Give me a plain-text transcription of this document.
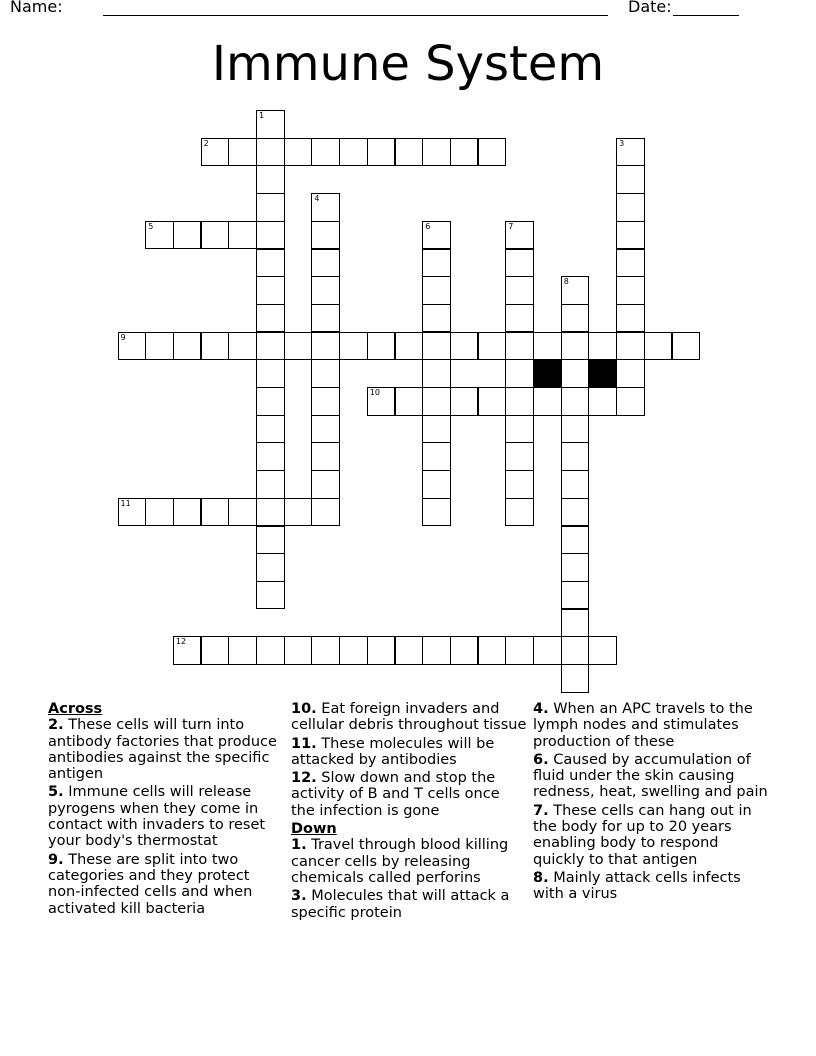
Name:	Date:
Immune System
2
5
9
10
11
12
1
3
4
6	7
8

Across

2. These cells will turn into antibody factories that produce antibodies against the specific antigen

5. Immune cells will release pyrogens when they come in contact with invaders to reset your body's thermostat

9. These are split into two categories and they protect non-infected cells and when activated kill bacteria

10. Eat foreign invaders and cellular debris throughout tissue

11. These molecules will be attacked by antibodies

12. Slow down and stop the activity of B and T cells once the infection is gone

Down

1. Travel through blood killing cancer cells by releasing chemicals called perforins

3. Molecules that will attack a specific protein

4. When an APC travels to the lymph nodes and stimulates production of these

6. Caused by accumulation of fluid under the skin causing redness, heat, swelling and pain

7. These cells can hang out in the body for up to 20 years enabling body to respond quickly to that antigen

8. Mainly attack cells infects with a virus
